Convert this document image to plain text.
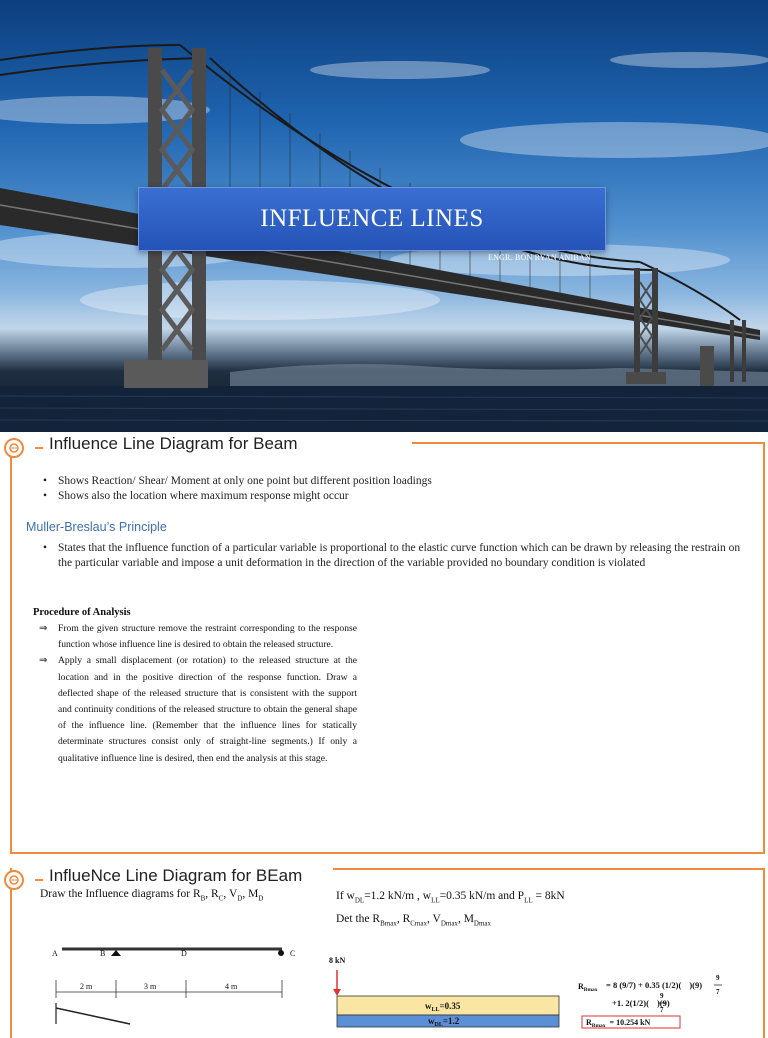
INFLUENCE LINES
ENGR. BON RYAN ANIBAN
Influence Line Diagram for Beam
• Shows Reaction/ Shear/ Moment at only one point but different position loadings
• Shows also the location where maximum response might occur
Muller-Breslau’s Principle
• States that the influence function of a particular variable is proportional to the elastic curve function which can be drawn by releasing the restrain on the particular variable and impose a unit deformation in the direction of the variable provided no boundary condition is violated
Procedure of Analysis
⇒ From the given structure remove the restraint corresponding to the response function whose influence line is desired to obtain the released structure.
⇒ Apply a small displacement (or rotation) to the released structure at the location and in the positive direction of the response function. Draw a deflected shape of the released structure that is consistent with the support and continuity conditions of the released structure to obtain the general shape of the influence line. (Remember that the influence lines for statically determinate structures consist only of straight-line segments.) If only a qualitative influence line is desired, then end the analysis at this stage.
InflueNce Line Diagram for BEam
Draw the Influence diagrams for $R_B$, $R_C$, $V_D$, $M_D$	If $w_{DL}=1.2$ kN/m , $w_{LL}=0.35$ kN/m and $P_{LL} = 8kN$
Det the $R_{Bmax}$, $R_{Cmax}$, $V_{Dmax}$, $M_{Dmax}$
A	B	D	C
2 m	3 m	4 m
8 kN
$w_{LL}=0.35$
$w_{DL}=1.2$
$R_{Bmax} = 8$ (9/7) + 0.35 (1/2)( )(9)
9
7
+1. 2(1/2)( )(9)
9
7
$R_{Bmax} = 10.254$ kN
